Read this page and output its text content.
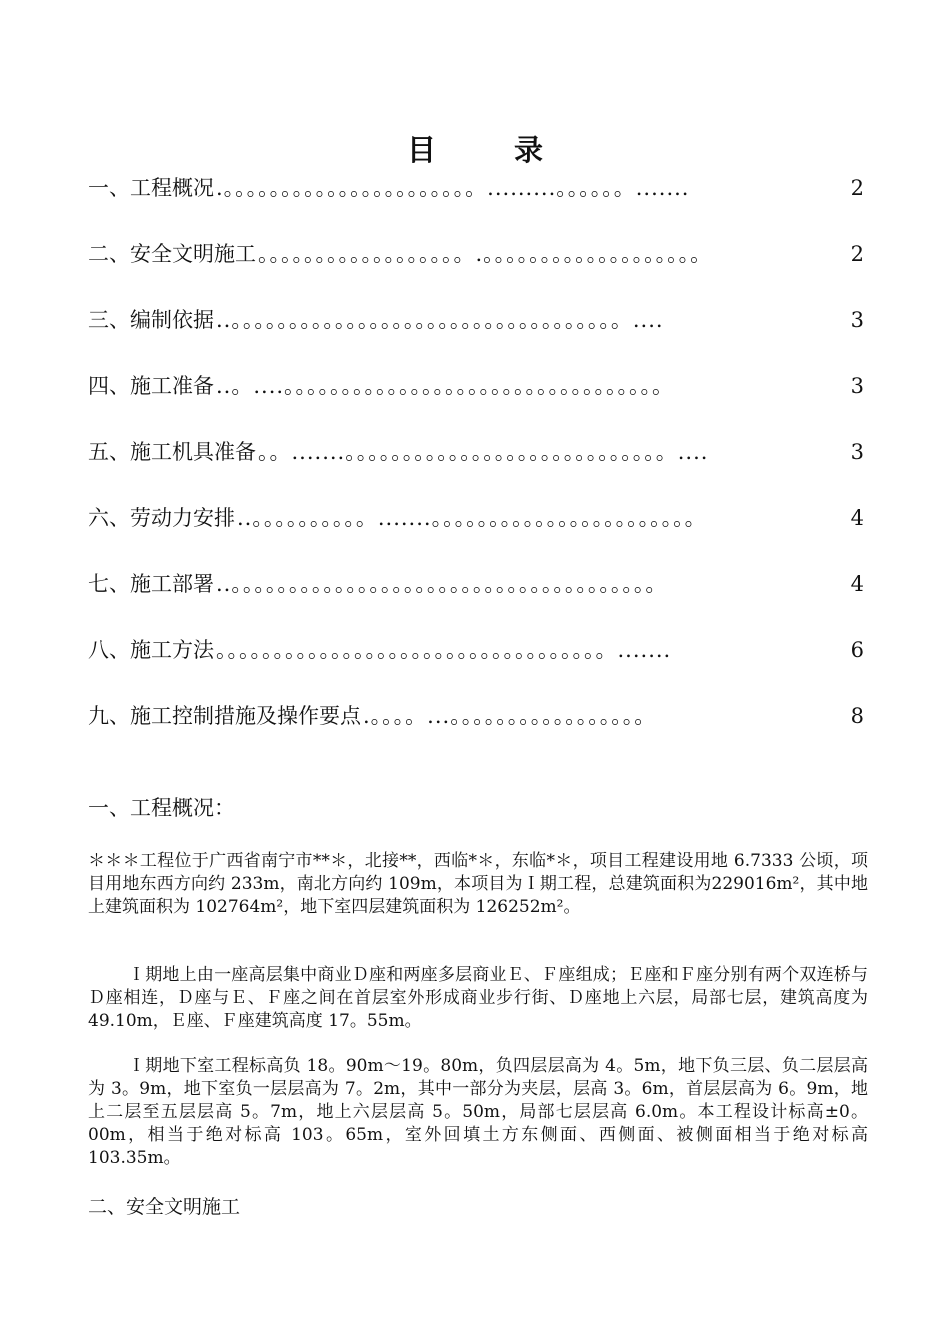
目 录
一、工程概况 .。。。。。。。。。。。。。。。。。。。。。。.........。。。。。。.......	2
二、安全文明施工 。。。。。。。。。。。。。。。。。。.。。。。。。。。。。。。。。。。。。。	2
三、编制依据 ..。。。。。。。。。。。。。。。。。。。。。。。。。。。。。。。。。。....	3
四、施工准备 ..。....。。。。。。。。。。。。。。。。。。。。。。。。。。。。。。。。。	3
五、施工机具准备 。。.......。。。。。。。。。。。。。。。。。。。。。。。。。。。。....	3
六、劳动力安排 ..。。。。。。。。。。.......。。。。。。。。。。。。。。。。。。。。。。。	4
七、施工部署 ..。。。。。。。。。。。。。。。。。。。。。。。。。。。。。。。。。。。。。	4
八、施工方法 。。。。。。。。。。。。。。。。。。。。。。。。。。。。。。。。。。.......	6
九、施工控制措施及操作要点 .。。。。...。。。。。。。。。。。。。。。。。	8
一、工程概况：

＊＊＊工程位于广西省南宁市**＊，北接**，西临*＊，东临*＊，项目工程建设用地 6.7333 公顷，项目用地东西方向约 233m，南北方向约 109m，本项目为Ｉ期工程，总建筑面积为229016m²，其中地上建筑面积为 102764m²，地下室四层建筑面积为 126252m²。

Ｉ期地上由一座高层集中商业Ｄ座和两座多层商业Ｅ、Ｆ座组成；Ｅ座和Ｆ座分别有两个双连桥与Ｄ座相连，Ｄ座与Ｅ、Ｆ座之间在首层室外形成商业步行街、Ｄ座地上六层，局部七层，建筑高度为 49.10m，Ｅ座、Ｆ座建筑高度 17。55m。

Ｉ期地下室工程标高负 18。90m～19。80m，负四层层高为 4。5m，地下负三层、负二层层高为 3。9m，地下室负一层层高为 7。2m，其中一部分为夹层，层高 3。6m，首层层高为 6。9m，地上二层至五层层高 5。7m，地上六层层高 5。50m，局部七层层高 6.0m。本工程设计标高±0。00m，相当于绝对标高 103。65m，室外回填土方东侧面、西侧面、被侧面相当于绝对标高 103.35m。

二、安全文明施工
